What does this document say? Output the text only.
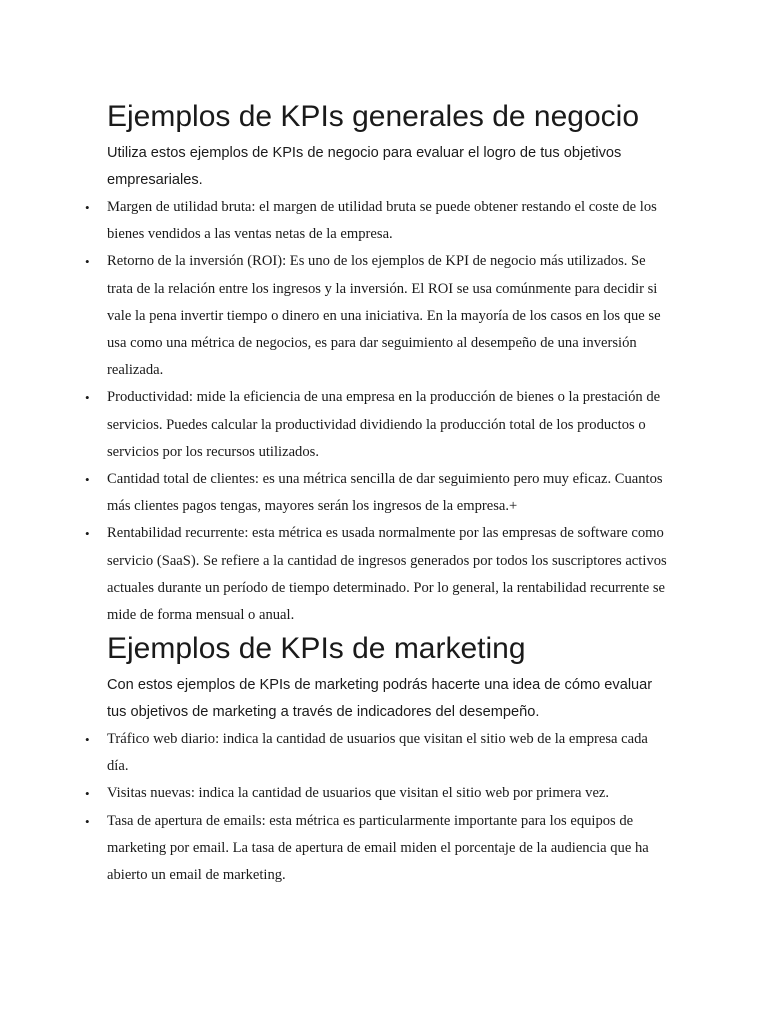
Ejemplos de KPIs generales de negocio

Utiliza estos ejemplos de KPIs de negocio para evaluar el logro de tus objetivos empresariales.

• Margen de utilidad bruta: el margen de utilidad bruta se puede obtener restando el coste de los bienes vendidos a las ventas netas de la empresa.
• Retorno de la inversión (ROI): Es uno de los ejemplos de KPI de negocio más utilizados. Se trata de la relación entre los ingresos y la inversión. El ROI se usa comúnmente para decidir si vale la pena invertir tiempo o dinero en una iniciativa. En la mayoría de los casos en los que se usa como una métrica de negocios, es para dar seguimiento al desempeño de una inversión realizada.
• Productividad: mide la eficiencia de una empresa en la producción de bienes o la prestación de servicios. Puedes calcular la productividad dividiendo la producción total de los productos o servicios por los recursos utilizados.
• Cantidad total de clientes: es una métrica sencilla de dar seguimiento pero muy eficaz. Cuantos más clientes pagos tengas, mayores serán los ingresos de la empresa.+
• Rentabilidad recurrente: esta métrica es usada normalmente por las empresas de software como servicio (SaaS). Se refiere a la cantidad de ingresos generados por todos los suscriptores activos actuales durante un período de tiempo determinado. Por lo general, la rentabilidad recurrente se mide de forma mensual o anual.
Ejemplos de KPIs de marketing

Con estos ejemplos de KPIs de marketing podrás hacerte una idea de cómo evaluar tus objetivos de marketing a través de indicadores del desempeño.

• Tráfico web diario: indica la cantidad de usuarios que visitan el sitio web de la empresa cada día.
• Visitas nuevas: indica la cantidad de usuarios que visitan el sitio web por primera vez.
• Tasa de apertura de emails: esta métrica es particularmente importante para los equipos de marketing por email. La tasa de apertura de email miden el porcentaje de la audiencia que ha abierto un email de marketing.
